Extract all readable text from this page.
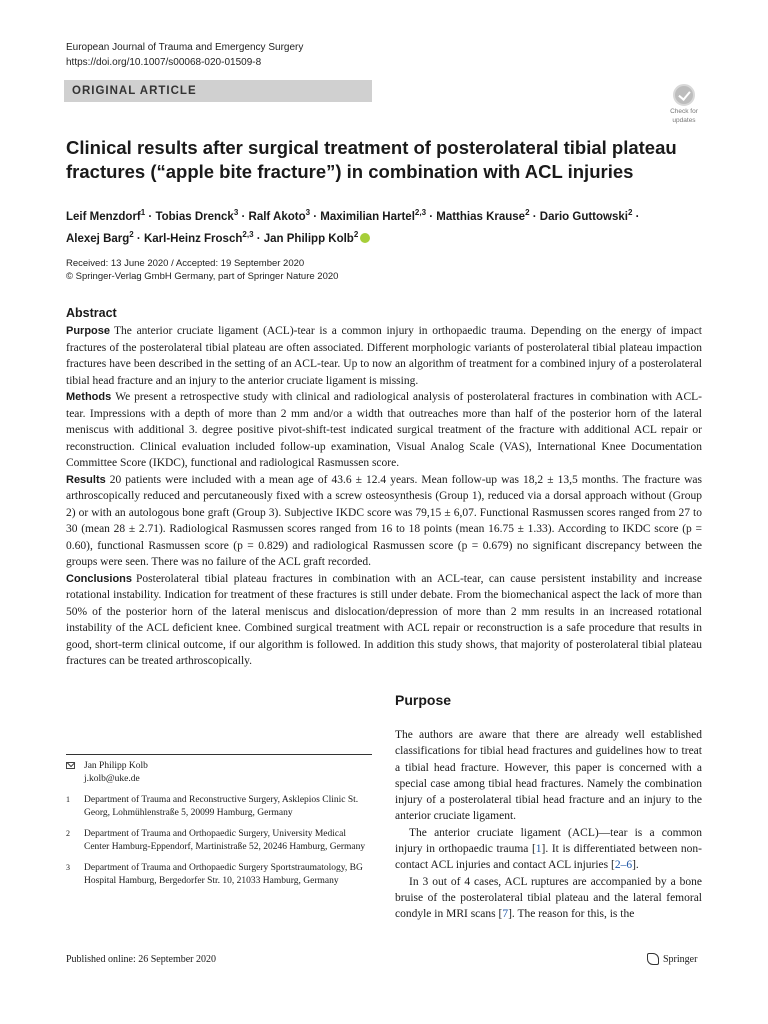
European Journal of Trauma and Emergency Surgery
https://doi.org/10.1007/s00068-020-01509-8
ORIGINAL ARTICLE
Check for
updates
Clinical results after surgical treatment of posterolateral tibial plateau fractures (“apple bite fracture”) in combination with ACL injuries
Leif Menzdorf$^1$ · Tobias Drenck$^3$ · Ralf Akoto$^3$ · Maximilian Hartel$^{2,3}$ · Matthias Krause$^2$ · Dario Guttowski$^2$ ·
Alexej Barg$^2$ · Karl-Heinz Frosch$^{2,3}$ · Jan Philipp Kolb$^2$
Received: 13 June 2020 / Accepted: 19 September 2020
© Springer-Verlag GmbH Germany, part of Springer Nature 2020
Abstract

Purpose The anterior cruciate ligament (ACL)-tear is a common injury in orthopaedic trauma. Depending on the energy of impact fractures of the posterolateral tibial plateau are often associated. Different morphologic variants of posterolateral tibial plateau impaction fractures have been described in the setting of an ACL-tear. Up to now an algorithm of treatment for a combined injury of a posterolateral tibial head fracture and an injury to the anterior cruciate ligament is missing.

Methods We present a retrospective study with clinical and radiological analysis of posterolateral fractures in combination with ACL-tear. Impressions with a depth of more than 2 mm and/or a width that outreaches more than half of the posterior horn of the lateral meniscus with additional 3. degree positive pivot-shift-test indicated surgical treatment of the fracture with additional ACL repair or reconstruction. Clinical evaluation included follow-up examination, Visual Analog Scale (VAS), International Knee Documentation Committee Score (IKDC), functional and radiological Rasmussen score.

Results 20 patients were included with a mean age of 43.6 ± 12.4 years. Mean follow-up was 18,2 ± 13,5 months. The fracture was arthroscopically reduced and percutaneously fixed with a screw osteosynthesis (Group 1), reduced via a dorsal approach without (Group 2) or with an autologous bone graft (Group 3). Subjective IKDC score was 79,15 ± 6,07. Functional Rasmussen scores ranged from 27 to 30 (mean 28 ± 2.71). Radiological Rasmussen scores ranged from 16 to 18 points (mean 16.75 ± 1.33). According to IKDC score (p = 0.60), functional Rasmussen score (p = 0.829) and radiological Rasmussen score (p = 0.679) no significant discrepancy between the groups were seen. There was no failure of the ACL graft recorded.

Conclusions Posterolateral tibial plateau fractures in combination with an ACL-tear, can cause persistent instability and increase rotational instability. Indication for treatment of these fractures is still under debate. From the biomechanical aspect the lack of more than 50% of the posterior horn of the lateral meniscus and dislocation/depression of more than 2 mm results in an increased rotational instability of the ACL deficient knee. Combined surgical treatment with ACL repair or reconstruction is a safe procedure that results in good, short-term clinical outcome, if our algorithm is followed. In addition this study shows, that majority of posterolateral tibial plateau fractures can be treated arthroscopically.

Jan Philipp Kolb
j.kolb@uke.de
1	Department of Trauma and Reconstructive Surgery, Asklepios Clinic St. Georg, Lohmühlenstraße 5, 20099 Hamburg, Germany
2	Department of Trauma and Orthopaedic Surgery, University Medical Center Hamburg-Eppendorf, Martinistraße 52, 20246 Hamburg, Germany
3	Department of Trauma and Orthopaedic Surgery Sportstraumatology, BG Hospital Hamburg, Bergedorfer Str. 10, 21033 Hamburg, Germany
Purpose

The authors are aware that there are already well established classifications for tibial head fractures and guidelines how to treat a tibial head fracture. However, this paper is concerned with a special case among tibial head fractures. Namely the combination injury of a posterolateral tibial head fracture and an injury to the anterior cruciate ligament.

The anterior cruciate ligament (ACL)—tear is a common injury in orthopaedic trauma [1]. It is differentiated between non-contact ACL injuries and contact ACL injuries [2–6].

In 3 out of 4 cases, ACL ruptures are accompanied by a bone bruise of the posterolateral tibial plateau and the lateral femoral condyle in MRI scans [7]. The reason for this, is the

Published online: 26 September 2020	Springer
